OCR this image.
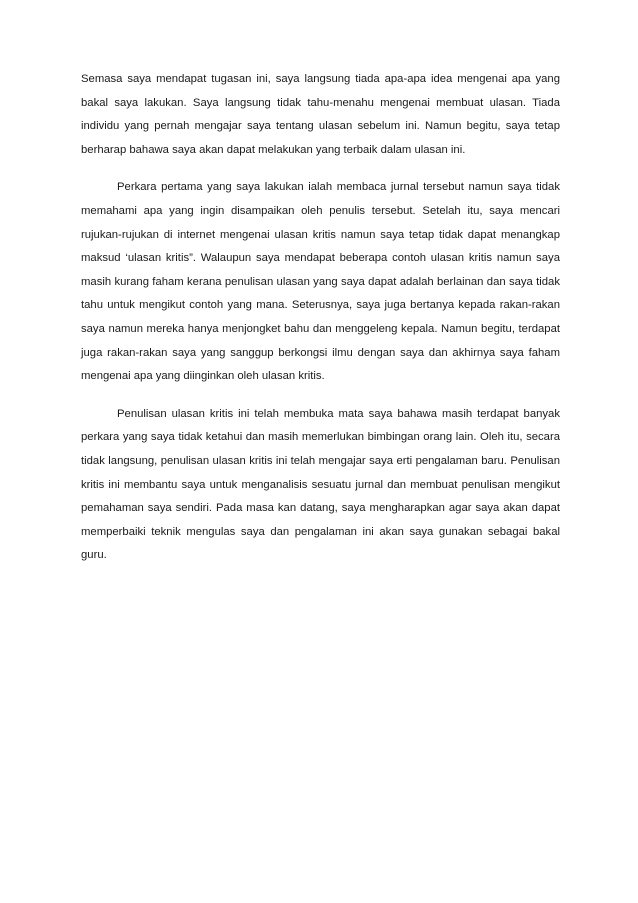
Semasa saya mendapat tugasan ini, saya langsung tiada apa-apa idea mengenai apa yang bakal saya lakukan. Saya langsung tidak tahu-menahu mengenai membuat ulasan. Tiada individu yang pernah mengajar saya tentang ulasan sebelum ini. Namun begitu, saya tetap berharap bahawa saya akan dapat melakukan yang terbaik dalam ulasan ini.

Perkara pertama yang saya lakukan ialah membaca jurnal tersebut namun saya tidak memahami apa yang ingin disampaikan oleh penulis tersebut. Setelah itu, saya mencari rujukan-rujukan di internet mengenai ulasan kritis namun saya tetap tidak dapat menangkap maksud ‘ulasan kritis”. Walaupun saya mendapat beberapa contoh ulasan kritis namun saya masih kurang faham kerana penulisan ulasan yang saya dapat adalah berlainan dan saya tidak tahu untuk mengikut contoh yang mana. Seterusnya, saya juga bertanya kepada rakan-rakan saya namun mereka hanya menjongket bahu dan menggeleng kepala. Namun begitu, terdapat juga rakan-rakan saya yang sanggup berkongsi ilmu dengan saya dan akhirnya saya faham mengenai apa yang diinginkan oleh ulasan kritis.

Penulisan ulasan kritis ini telah membuka mata saya bahawa masih terdapat banyak perkara yang saya tidak ketahui dan masih memerlukan bimbingan orang lain. Oleh itu, secara tidak langsung, penulisan ulasan kritis ini telah mengajar saya erti pengalaman baru. Penulisan kritis ini membantu saya untuk menganalisis sesuatu jurnal dan membuat penulisan mengikut pemahaman saya sendiri. Pada masa kan datang, saya mengharapkan agar saya akan dapat memperbaiki teknik mengulas saya dan pengalaman ini akan saya gunakan sebagai bakal guru.
